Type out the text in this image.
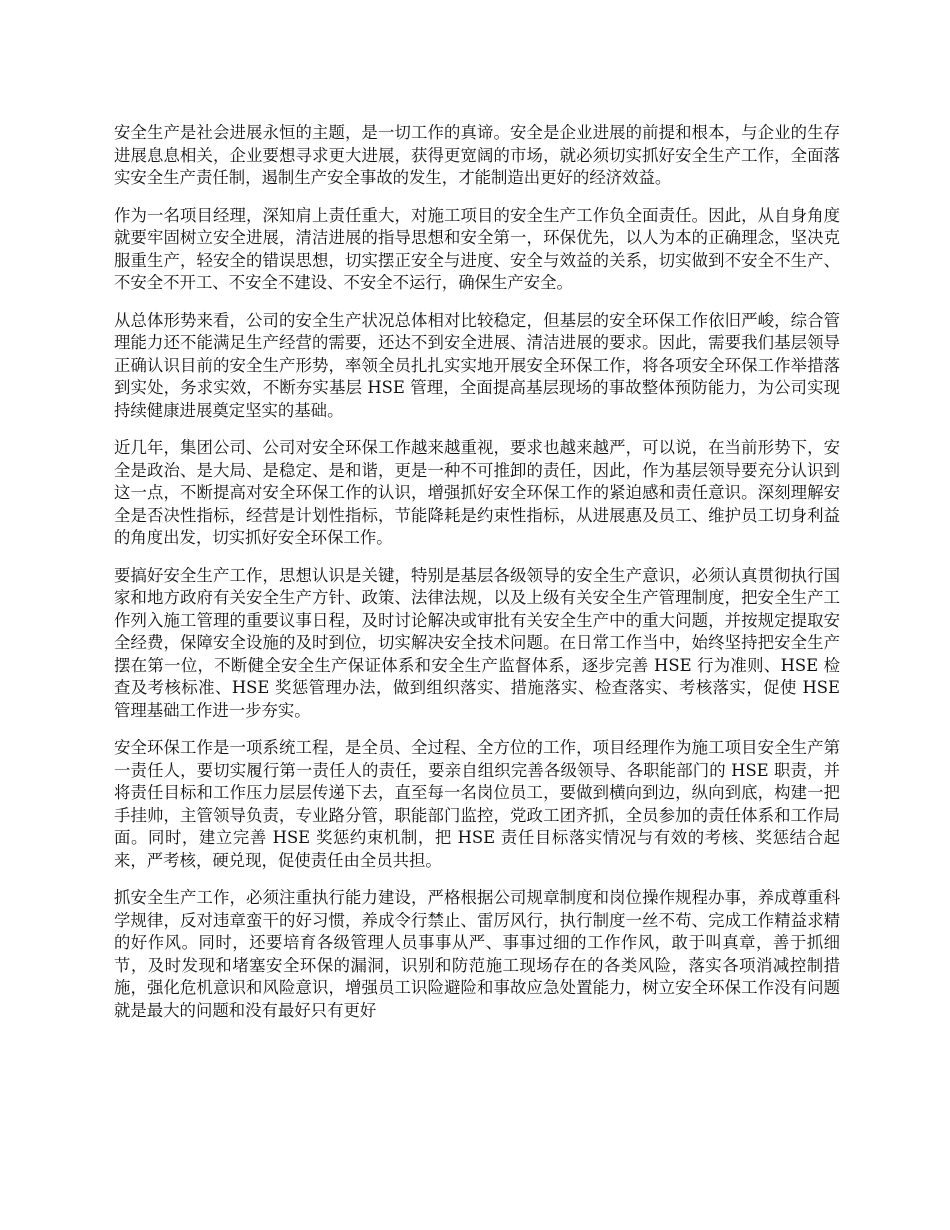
安全生产是社会进展永恒的主题，是一切工作的真谛。安全是企业进展的前提和根本，与企业的生存进展息息相关，企业要想寻求更大进展，获得更宽阔的市场，就必须切实抓好安全生产工作，全面落实安全生产责任制，遏制生产安全事故的发生，才能制造出更好的经济效益。

作为一名项目经理，深知肩上责任重大，对施工项目的安全生产工作负全面责任。因此，从自身角度就要牢固树立安全进展，清洁进展的指导思想和安全第一，环保优先，以人为本的正确理念，坚决克服重生产，轻安全的错误思想，切实摆正安全与进度、安全与效益的关系，切实做到不安全不生产、不安全不开工、不安全不建设、不安全不运行，确保生产安全。

从总体形势来看，公司的安全生产状况总体相对比较稳定，但基层的安全环保工作依旧严峻，综合管理能力还不能满足生产经营的需要，还达不到安全进展、清洁进展的要求。因此，需要我们基层领导正确认识目前的安全生产形势，率领全员扎扎实实地开展安全环保工作，将各项安全环保工作举措落到实处，务求实效，不断夯实基层 HSE 管理，全面提高基层现场的事故整体预防能力，为公司实现持续健康进展奠定坚实的基础。

近几年，集团公司、公司对安全环保工作越来越重视，要求也越来越严，可以说，在当前形势下，安全是政治、是大局、是稳定、是和谐，更是一种不可推卸的责任，因此，作为基层领导要充分认识到这一点，不断提高对安全环保工作的认识，增强抓好安全环保工作的紧迫感和责任意识。深刻理解安全是否决性指标，经营是计划性指标，节能降耗是约束性指标，从进展惠及员工、维护员工切身利益的角度出发，切实抓好安全环保工作。

要搞好安全生产工作，思想认识是关键，特别是基层各级领导的安全生产意识，必须认真贯彻执行国家和地方政府有关安全生产方针、政策、法律法规，以及上级有关安全生产管理制度，把安全生产工作列入施工管理的重要议事日程，及时讨论解决或审批有关安全生产中的重大问题，并按规定提取安全经费，保障安全设施的及时到位，切实解决安全技术问题。在日常工作当中，始终坚持把安全生产摆在第一位，不断健全安全生产保证体系和安全生产监督体系，逐步完善 HSE 行为准则、HSE 检查及考核标准、HSE 奖惩管理办法，做到组织落实、措施落实、检查落实、考核落实，促使 HSE 管理基础工作进一步夯实。

安全环保工作是一项系统工程，是全员、全过程、全方位的工作，项目经理作为施工项目安全生产第一责任人，要切实履行第一责任人的责任，要亲自组织完善各级领导、各职能部门的 HSE 职责，并将责任目标和工作压力层层传递下去，直至每一名岗位员工，要做到横向到边，纵向到底，构建一把手挂帅，主管领导负责，专业路分管，职能部门监控，党政工团齐抓，全员参加的责任体系和工作局面。同时，建立完善 HSE 奖惩约束机制，把 HSE 责任目标落实情况与有效的考核、奖惩结合起来，严考核，硬兑现，促使责任由全员共担。

抓安全生产工作，必须注重执行能力建设，严格根据公司规章制度和岗位操作规程办事，养成尊重科学规律，反对违章蛮干的好习惯，养成令行禁止、雷厉风行，执行制度一丝不苟、完成工作精益求精的好作风。同时，还要培育各级管理人员事事从严、事事过细的工作作风，敢于叫真章，善于抓细节，及时发现和堵塞安全环保的漏洞，识别和防范施工现场存在的各类风险，落实各项消减控制措施，强化危机意识和风险意识，增强员工识险避险和事故应急处置能力，树立安全环保工作没有问题就是最大的问题和没有最好只有更好
